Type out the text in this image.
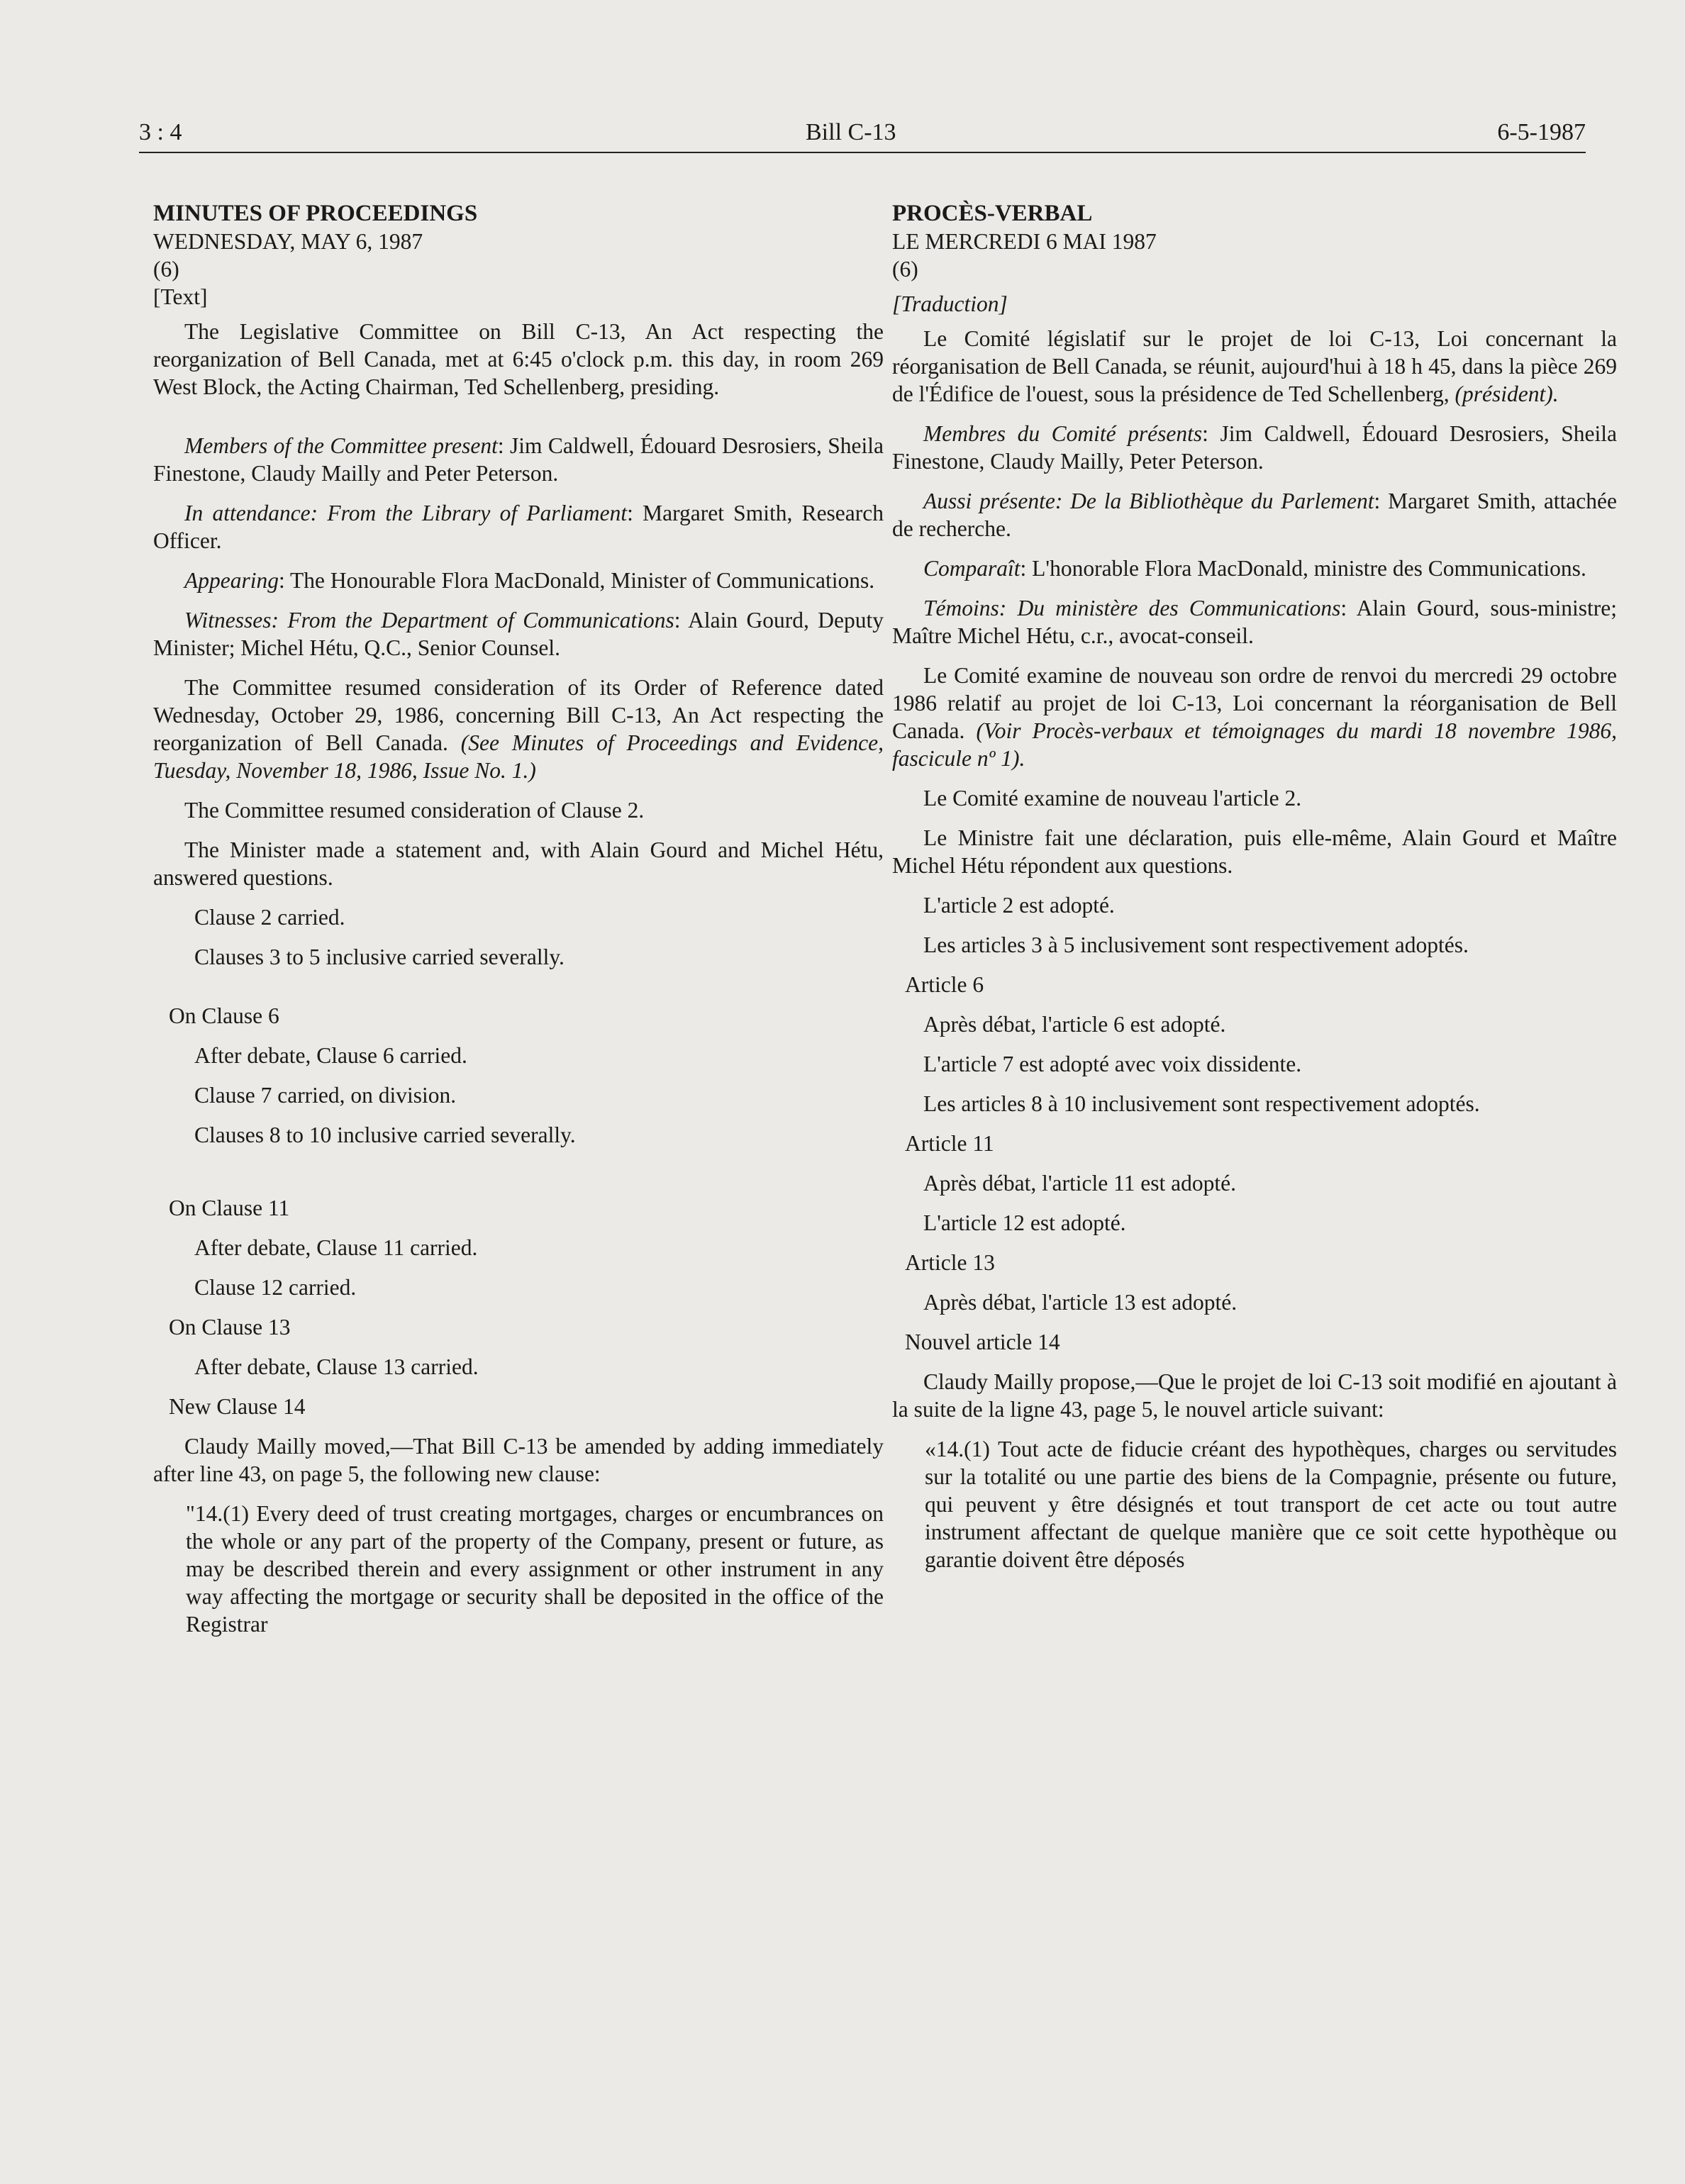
3 : 4	Bill C-13	6-5-1987

MINUTES OF PROCEEDINGS

WEDNESDAY, MAY 6, 1987

(6)

[Text]

The Legislative Committee on Bill C-13, An Act respecting the reorganization of Bell Canada, met at 6:45 o'clock p.m. this day, in room 269 West Block, the Acting Chairman, Ted Schellenberg, presiding.

Members of the Committee present: Jim Caldwell, Édouard Desrosiers, Sheila Finestone, Claudy Mailly and Peter Peterson.

In attendance: From the Library of Parliament: Margaret Smith, Research Officer.

Appearing: The Honourable Flora MacDonald, Minister of Communications.

Witnesses: From the Department of Communications: Alain Gourd, Deputy Minister; Michel Hétu, Q.C., Senior Counsel.

The Committee resumed consideration of its Order of Reference dated Wednesday, October 29, 1986, concerning Bill C-13, An Act respecting the reorganization of Bell Canada. (See Minutes of Proceedings and Evidence, Tuesday, November 18, 1986, Issue No. 1.)

The Committee resumed consideration of Clause 2.

The Minister made a statement and, with Alain Gourd and Michel Hétu, answered questions.

Clause 2 carried.

Clauses 3 to 5 inclusive carried severally.

On Clause 6

After debate, Clause 6 carried.

Clause 7 carried, on division.

Clauses 8 to 10 inclusive carried severally.

On Clause 11

After debate, Clause 11 carried.

Clause 12 carried.

On Clause 13

After debate, Clause 13 carried.

New Clause 14

Claudy Mailly moved,—That Bill C-13 be amended by adding immediately after line 43, on page 5, the following new clause:

"14.(1) Every deed of trust creating mortgages, charges or encumbrances on the whole or any part of the property of the Company, present or future, as may be described therein and every assignment or other instrument in any way affecting the mortgage or security shall be deposited in the office of the Registrar

PROCÈS-VERBAL

LE MERCREDI 6 MAI 1987

(6)

[Traduction]

Le Comité législatif sur le projet de loi C-13, Loi concernant la réorganisation de Bell Canada, se réunit, aujourd'hui à 18 h 45, dans la pièce 269 de l'Édifice de l'ouest, sous la présidence de Ted Schellenberg, (président).

Membres du Comité présents: Jim Caldwell, Édouard Desrosiers, Sheila Finestone, Claudy Mailly, Peter Peterson.

Aussi présente: De la Bibliothèque du Parlement: Margaret Smith, attachée de recherche.

Comparaît: L'honorable Flora MacDonald, ministre des Communications.

Témoins: Du ministère des Communications: Alain Gourd, sous-ministre; Maître Michel Hétu, c.r., avocat-conseil.

Le Comité examine de nouveau son ordre de renvoi du mercredi 29 octobre 1986 relatif au projet de loi C-13, Loi concernant la réorganisation de Bell Canada. (Voir Procès-verbaux et témoignages du mardi 18 novembre 1986, fascicule nº 1).

Le Comité examine de nouveau l'article 2.

Le Ministre fait une déclaration, puis elle-même, Alain Gourd et Maître Michel Hétu répondent aux questions.

L'article 2 est adopté.

Les articles 3 à 5 inclusivement sont respectivement adoptés.

Article 6

Après débat, l'article 6 est adopté.

L'article 7 est adopté avec voix dissidente.

Les articles 8 à 10 inclusivement sont respectivement adoptés.

Article 11

Après débat, l'article 11 est adopté.

L'article 12 est adopté.

Article 13

Après débat, l'article 13 est adopté.

Nouvel article 14

Claudy Mailly propose,—Que le projet de loi C-13 soit modifié en ajoutant à la suite de la ligne 43, page 5, le nouvel article suivant:

«14.(1) Tout acte de fiducie créant des hypothèques, charges ou servitudes sur la totalité ou une partie des biens de la Compagnie, présente ou future, qui peuvent y être désignés et tout transport de cet acte ou tout autre instrument affectant de quelque manière que ce soit cette hypothèque ou garantie doivent être déposés
